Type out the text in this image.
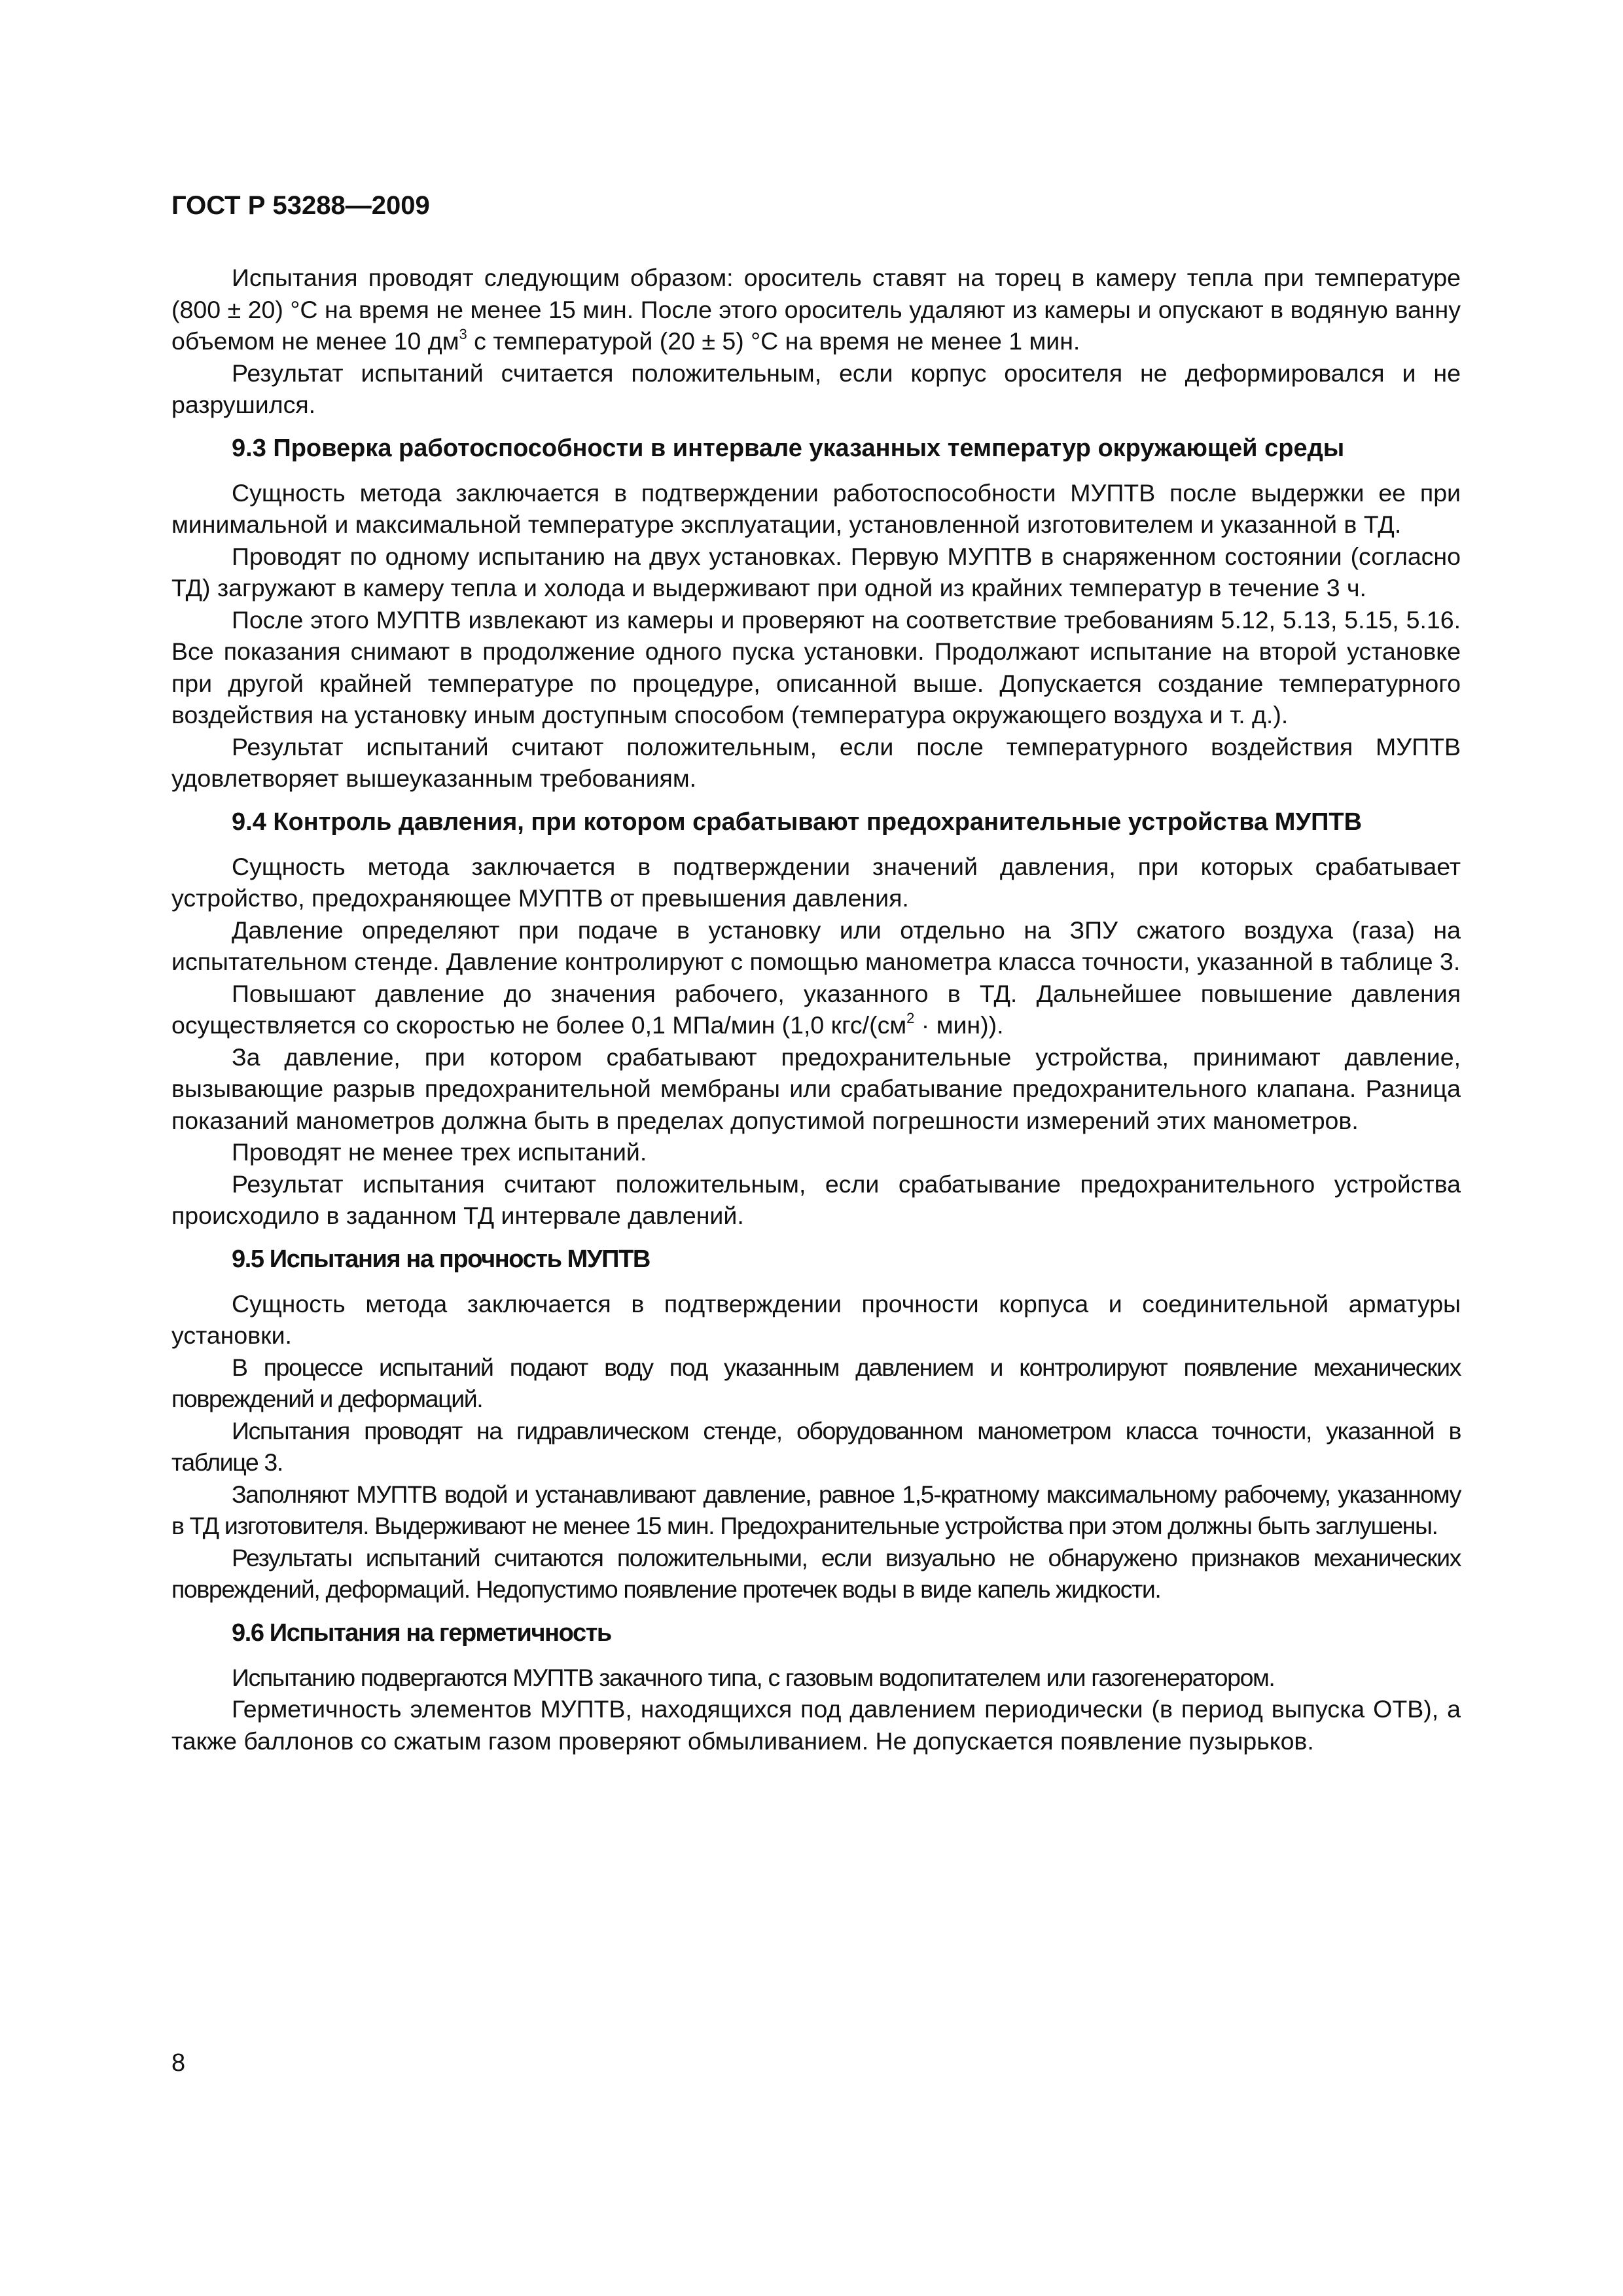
ГОСТ Р 53288—2009

Испытания проводят следующим образом: ороситель ставят на торец в камеру тепла при температуре (800 ± 20) °С на время не менее 15 мин. После этого ороситель удаляют из камеры и опускают в водяную ванну объемом не менее 10 $дм^3$ с температурой (20 ± 5) °С на время не менее 1 мин.

Результат испытаний считается положительным, если корпус оросителя не деформировался и не разрушился.

9.3 Проверка работоспособности в интервале указанных температур окружающей среды

Сущность метода заключается в подтверждении работоспособности МУПТВ после выдержки ее при минимальной и максимальной температуре эксплуатации, установленной изготовителем и указанной в ТД.

Проводят по одному испытанию на двух установках. Первую МУПТВ в снаряженном состоянии (согласно ТД) загружают в камеру тепла и холода и выдерживают при одной из крайних температур в течение 3 ч.

После этого МУПТВ извлекают из камеры и проверяют на соответствие требованиям 5.12, 5.13, 5.15, 5.16. Все показания снимают в продолжение одного пуска установки. Продолжают испытание на второй установке при другой крайней температуре по процедуре, описанной выше. Допускается создание температурного воздействия на установку иным доступным способом (температура окружающего воздуха и т. д.).

Результат испытаний считают положительным, если после температурного воздействия МУПТВ удовлетворяет вышеуказанным требованиям.

9.4 Контроль давления, при котором срабатывают предохранительные устройства МУПТВ

Сущность метода заключается в подтверждении значений давления, при которых срабатывает устройство, предохраняющее МУПТВ от превышения давления.

Давление определяют при подаче в установку или отдельно на ЗПУ сжатого воздуха (газа) на испытательном стенде. Давление контролируют с помощью манометра класса точности, указанной в таблице 3.

Повышают давление до значения рабочего, указанного в ТД. Дальнейшее повышение давления осуществляется со скоростью не более 0,1 МПа/мин (1,0 кгс/$(см^2 \cdot мин)$).

За давление, при котором срабатывают предохранительные устройства, принимают давление, вызывающие разрыв предохранительной мембраны или срабатывание предохранительного клапана. Разница показаний манометров должна быть в пределах допустимой погрешности измерений этих манометров.

Проводят не менее трех испытаний.

Результат испытания считают положительным, если срабатывание предохранительного устройства происходило в заданном ТД интервале давлений.

9.5 Испытания на прочность МУПТВ

Сущность метода заключается в подтверждении прочности корпуса и соединительной арматуры установки.

В процессе испытаний подают воду под указанным давлением и контролируют появление механических повреждений и деформаций.

Испытания проводят на гидравлическом стенде, оборудованном манометром класса точности, указанной в таблице 3.

Заполняют МУПТВ водой и устанавливают давление, равное 1,5-кратному максимальному рабочему, указанному в ТД изготовителя. Выдерживают не менее 15 мин. Предохранительные устройства при этом должны быть заглушены.

Результаты испытаний считаются положительными, если визуально не обнаружено признаков механических повреждений, деформаций. Недопустимо появление протечек воды в виде капель жидкости.

9.6 Испытания на герметичность

Испытанию подвергаются МУПТВ закачного типа, с газовым водопитателем или газогенератором.

Герметичность элементов МУПТВ, находящихся под давлением периодически (в период выпуска ОТВ), а также баллонов со сжатым газом проверяют обмыливанием. Не допускается появление пузырьков.

8
